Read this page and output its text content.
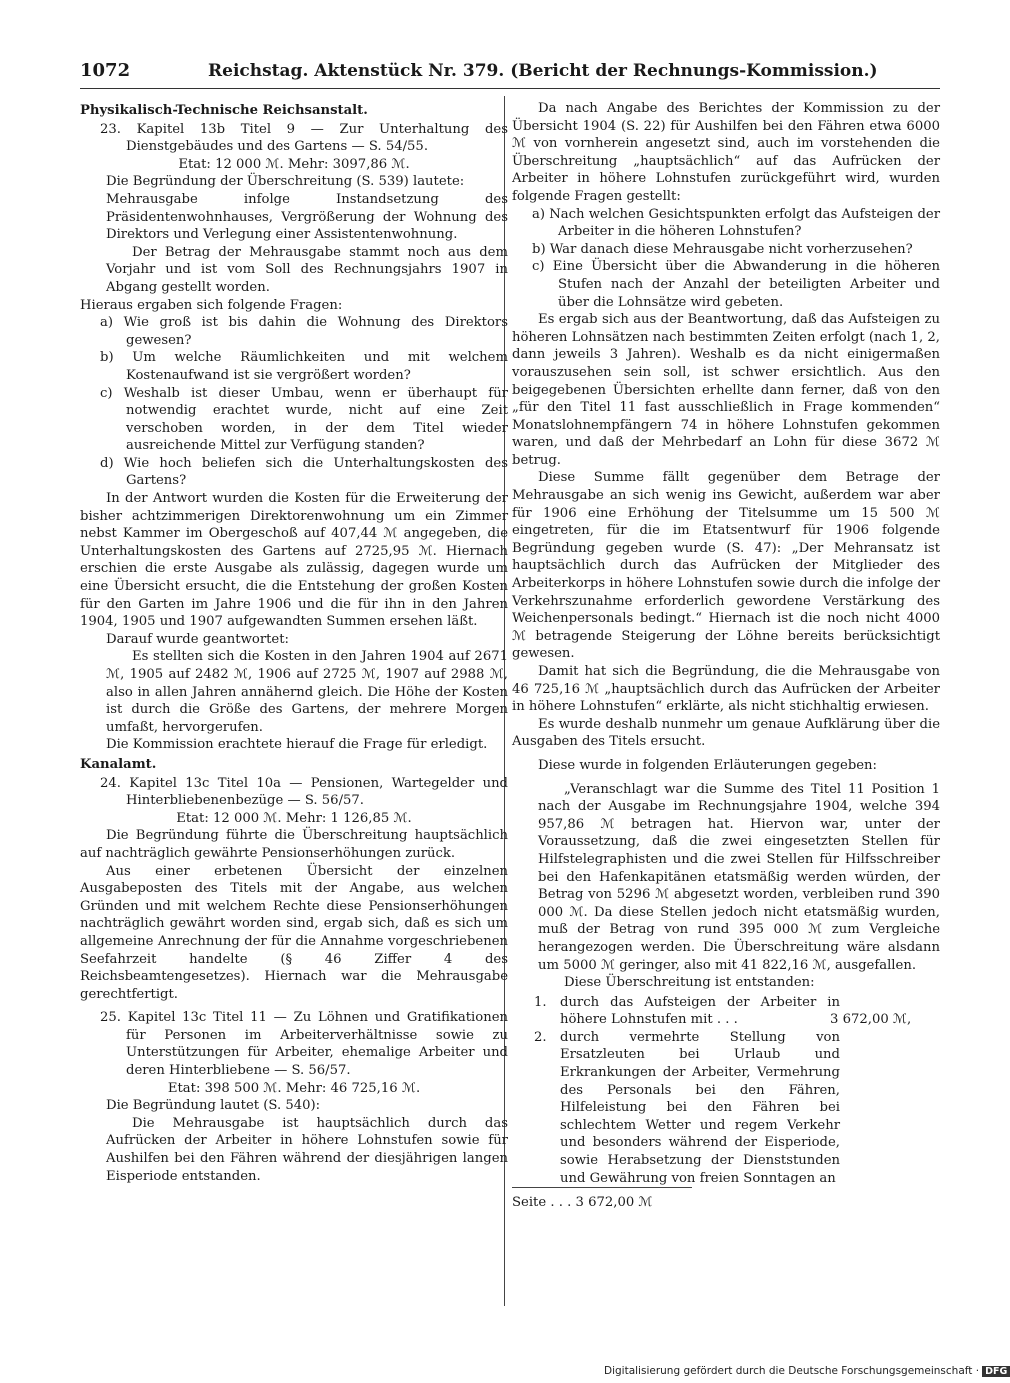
1072	Reichstag. Aktenstück Nr. 379. (Bericht der Rechnungs-Kommission.)

Physikalisch-Technische Reichsanstalt.

23. Kapitel 13b Titel 9 — Zur Unterhaltung des Dienstgebäudes und des Gartens — S. 54/55.

Etat: 12 000 ℳ. Mehr: 3097,86 ℳ.

Die Begründung der Überschreitung (S. 539) lautete:

Mehrausgabe infolge Instandsetzung des Präsidentenwohnhauses, Vergrößerung der Wohnung des Direktors und Verlegung einer Assistentenwohnung.

Der Betrag der Mehrausgabe stammt noch aus dem Vorjahr und ist vom Soll des Rechnungsjahrs 1907 in Abgang gestellt worden.

Hieraus ergaben sich folgende Fragen:

a) Wie groß ist bis dahin die Wohnung des Direktors gewesen?

b) Um welche Räumlichkeiten und mit welchem Kostenaufwand ist sie vergrößert worden?

c) Weshalb ist dieser Umbau, wenn er überhaupt für notwendig erachtet wurde, nicht auf eine Zeit verschoben worden, in der dem Titel wieder ausreichende Mittel zur Verfügung standen?

d) Wie hoch beliefen sich die Unterhaltungskosten des Gartens?

In der Antwort wurden die Kosten für die Erweiterung der bisher achtzimmerigen Direktorenwohnung um ein Zimmer nebst Kammer im Obergeschoß auf 407,44 ℳ angegeben, die Unterhaltungskosten des Gartens auf 2725,95 ℳ. Hiernach erschien die erste Ausgabe als zulässig, dagegen wurde um eine Übersicht ersucht, die die Entstehung der großen Kosten für den Garten im Jahre 1906 und die für ihn in den Jahren 1904, 1905 und 1907 aufgewandten Summen ersehen läßt.

Darauf wurde geantwortet:

Es stellten sich die Kosten in den Jahren 1904 auf 2671 ℳ, 1905 auf 2482 ℳ, 1906 auf 2725 ℳ, 1907 auf 2988 ℳ, also in allen Jahren annähernd gleich. Die Höhe der Kosten ist durch die Größe des Gartens, der mehrere Morgen umfaßt, hervorgerufen.

Die Kommission erachtete hierauf die Frage für erledigt.

Kanalamt.

24. Kapitel 13c Titel 10a — Pensionen, Wartegelder und Hinterbliebenenbezüge — S. 56/57.

Etat: 12 000 ℳ. Mehr: 1 126,85 ℳ.

Die Begründung führte die Überschreitung hauptsächlich auf nachträglich gewährte Pensionserhöhungen zurück.

Aus einer erbetenen Übersicht der einzelnen Ausgabeposten des Titels mit der Angabe, aus welchen Gründen und mit welchem Rechte diese Pensionserhöhungen nachträglich gewährt worden sind, ergab sich, daß es sich um allgemeine Anrechnung der für die Annahme vorgeschriebenen Seefahrzeit handelte (§ 46 Ziffer 4 des Reichsbeamtengesetzes). Hiernach war die Mehrausgabe gerechtfertigt.

25. Kapitel 13c Titel 11 — Zu Löhnen und Gratifikationen für Personen im Arbeiterverhältnisse sowie zu Unterstützungen für Arbeiter, ehemalige Arbeiter und deren Hinterbliebene — S. 56/57.

Etat: 398 500 ℳ. Mehr: 46 725,16 ℳ.

Die Begründung lautet (S. 540):

Die Mehrausgabe ist hauptsächlich durch das Aufrücken der Arbeiter in höhere Lohnstufen sowie für Aushilfen bei den Fähren während der diesjährigen langen Eisperiode entstanden.

Da nach Angabe des Berichtes der Kommission zu der Übersicht 1904 (S. 22) für Aushilfen bei den Fähren etwa 6000 ℳ von vornherein angesetzt sind, auch im vorstehenden die Überschreitung „hauptsächlich“ auf das Aufrücken der Arbeiter in höhere Lohnstufen zurückgeführt wird, wurden folgende Fragen gestellt:

a) Nach welchen Gesichtspunkten erfolgt das Aufsteigen der Arbeiter in die höheren Lohnstufen?

b) War danach diese Mehrausgabe nicht vorherzusehen?

c) Eine Übersicht über die Abwanderung in die höheren Stufen nach der Anzahl der beteiligten Arbeiter und über die Lohnsätze wird gebeten.

Es ergab sich aus der Beantwortung, daß das Aufsteigen zu höheren Lohnsätzen nach bestimmten Zeiten erfolgt (nach 1, 2, dann jeweils 3 Jahren). Weshalb es da nicht einigermaßen vorauszusehen sein soll, ist schwer ersichtlich. Aus den beigegebenen Übersichten erhellte dann ferner, daß von den „für den Titel 11 fast ausschließlich in Frage kommenden“ Monatslohnempfängern 74 in höhere Lohnstufen gekommen waren, und daß der Mehrbedarf an Lohn für diese 3672 ℳ betrug.

Diese Summe fällt gegenüber dem Betrage der Mehrausgabe an sich wenig ins Gewicht, außerdem war aber für 1906 eine Erhöhung der Titelsumme um 15 500 ℳ eingetreten, für die im Etatsentwurf für 1906 folgende Begründung gegeben wurde (S. 47): „Der Mehransatz ist hauptsächlich durch das Aufrücken der Mitglieder des Arbeiterkorps in höhere Lohnstufen sowie durch die infolge der Verkehrszunahme erforderlich gewordene Verstärkung des Weichenpersonals bedingt.“ Hiernach ist die noch nicht 4000 ℳ betragende Steigerung der Löhne bereits berücksichtigt gewesen.

Damit hat sich die Begründung, die die Mehrausgabe von 46 725,16 ℳ „hauptsächlich durch das Aufrücken der Arbeiter in höhere Lohnstufen“ erklärte, als nicht stichhaltig erwiesen.

Es wurde deshalb nunmehr um genaue Aufklärung über die Ausgaben des Titels ersucht.

Diese wurde in folgenden Erläuterungen gegeben:

„Veranschlagt war die Summe des Titel 11 Position 1 nach der Ausgabe im Rechnungsjahre 1904, welche 394 957,86 ℳ betragen hat. Hiervon war, unter der Voraussetzung, daß die zwei eingesetzten Stellen für Hilfstelegraphisten und die zwei Stellen für Hilfsschreiber bei den Hafenkapitänen etatsmäßig werden würden, der Betrag von 5296 ℳ abgesetzt worden, verbleiben rund 390 000 ℳ. Da diese Stellen jedoch nicht etatsmäßig wurden, muß der Betrag von rund 395 000 ℳ zum Vergleiche herangezogen werden. Die Überschreitung wäre alsdann um 5000 ℳ geringer, also mit 41 822,16 ℳ, ausgefallen.

Diese Überschreitung ist entstanden:

1. durch das Aufsteigen der Arbeiter in höhere Lohnstufen mit . . .	3 672,00 ℳ,
2. durch vermehrte Stellung von Ersatzleuten bei Urlaub und Erkrankungen der Arbeiter, Vermehrung des Personals bei den Fähren, Hilfeleistung bei den Fähren bei schlechtem Wetter und regem Verkehr und besonders während der Eisperiode, sowie Herabsetzung der Dienststunden und Gewährung von freien Sonntagen an

Seite . . . 3 672,00 ℳ

Digitalisierung gefördert durch die Deutsche Forschungsgemeinschaft · DFG
